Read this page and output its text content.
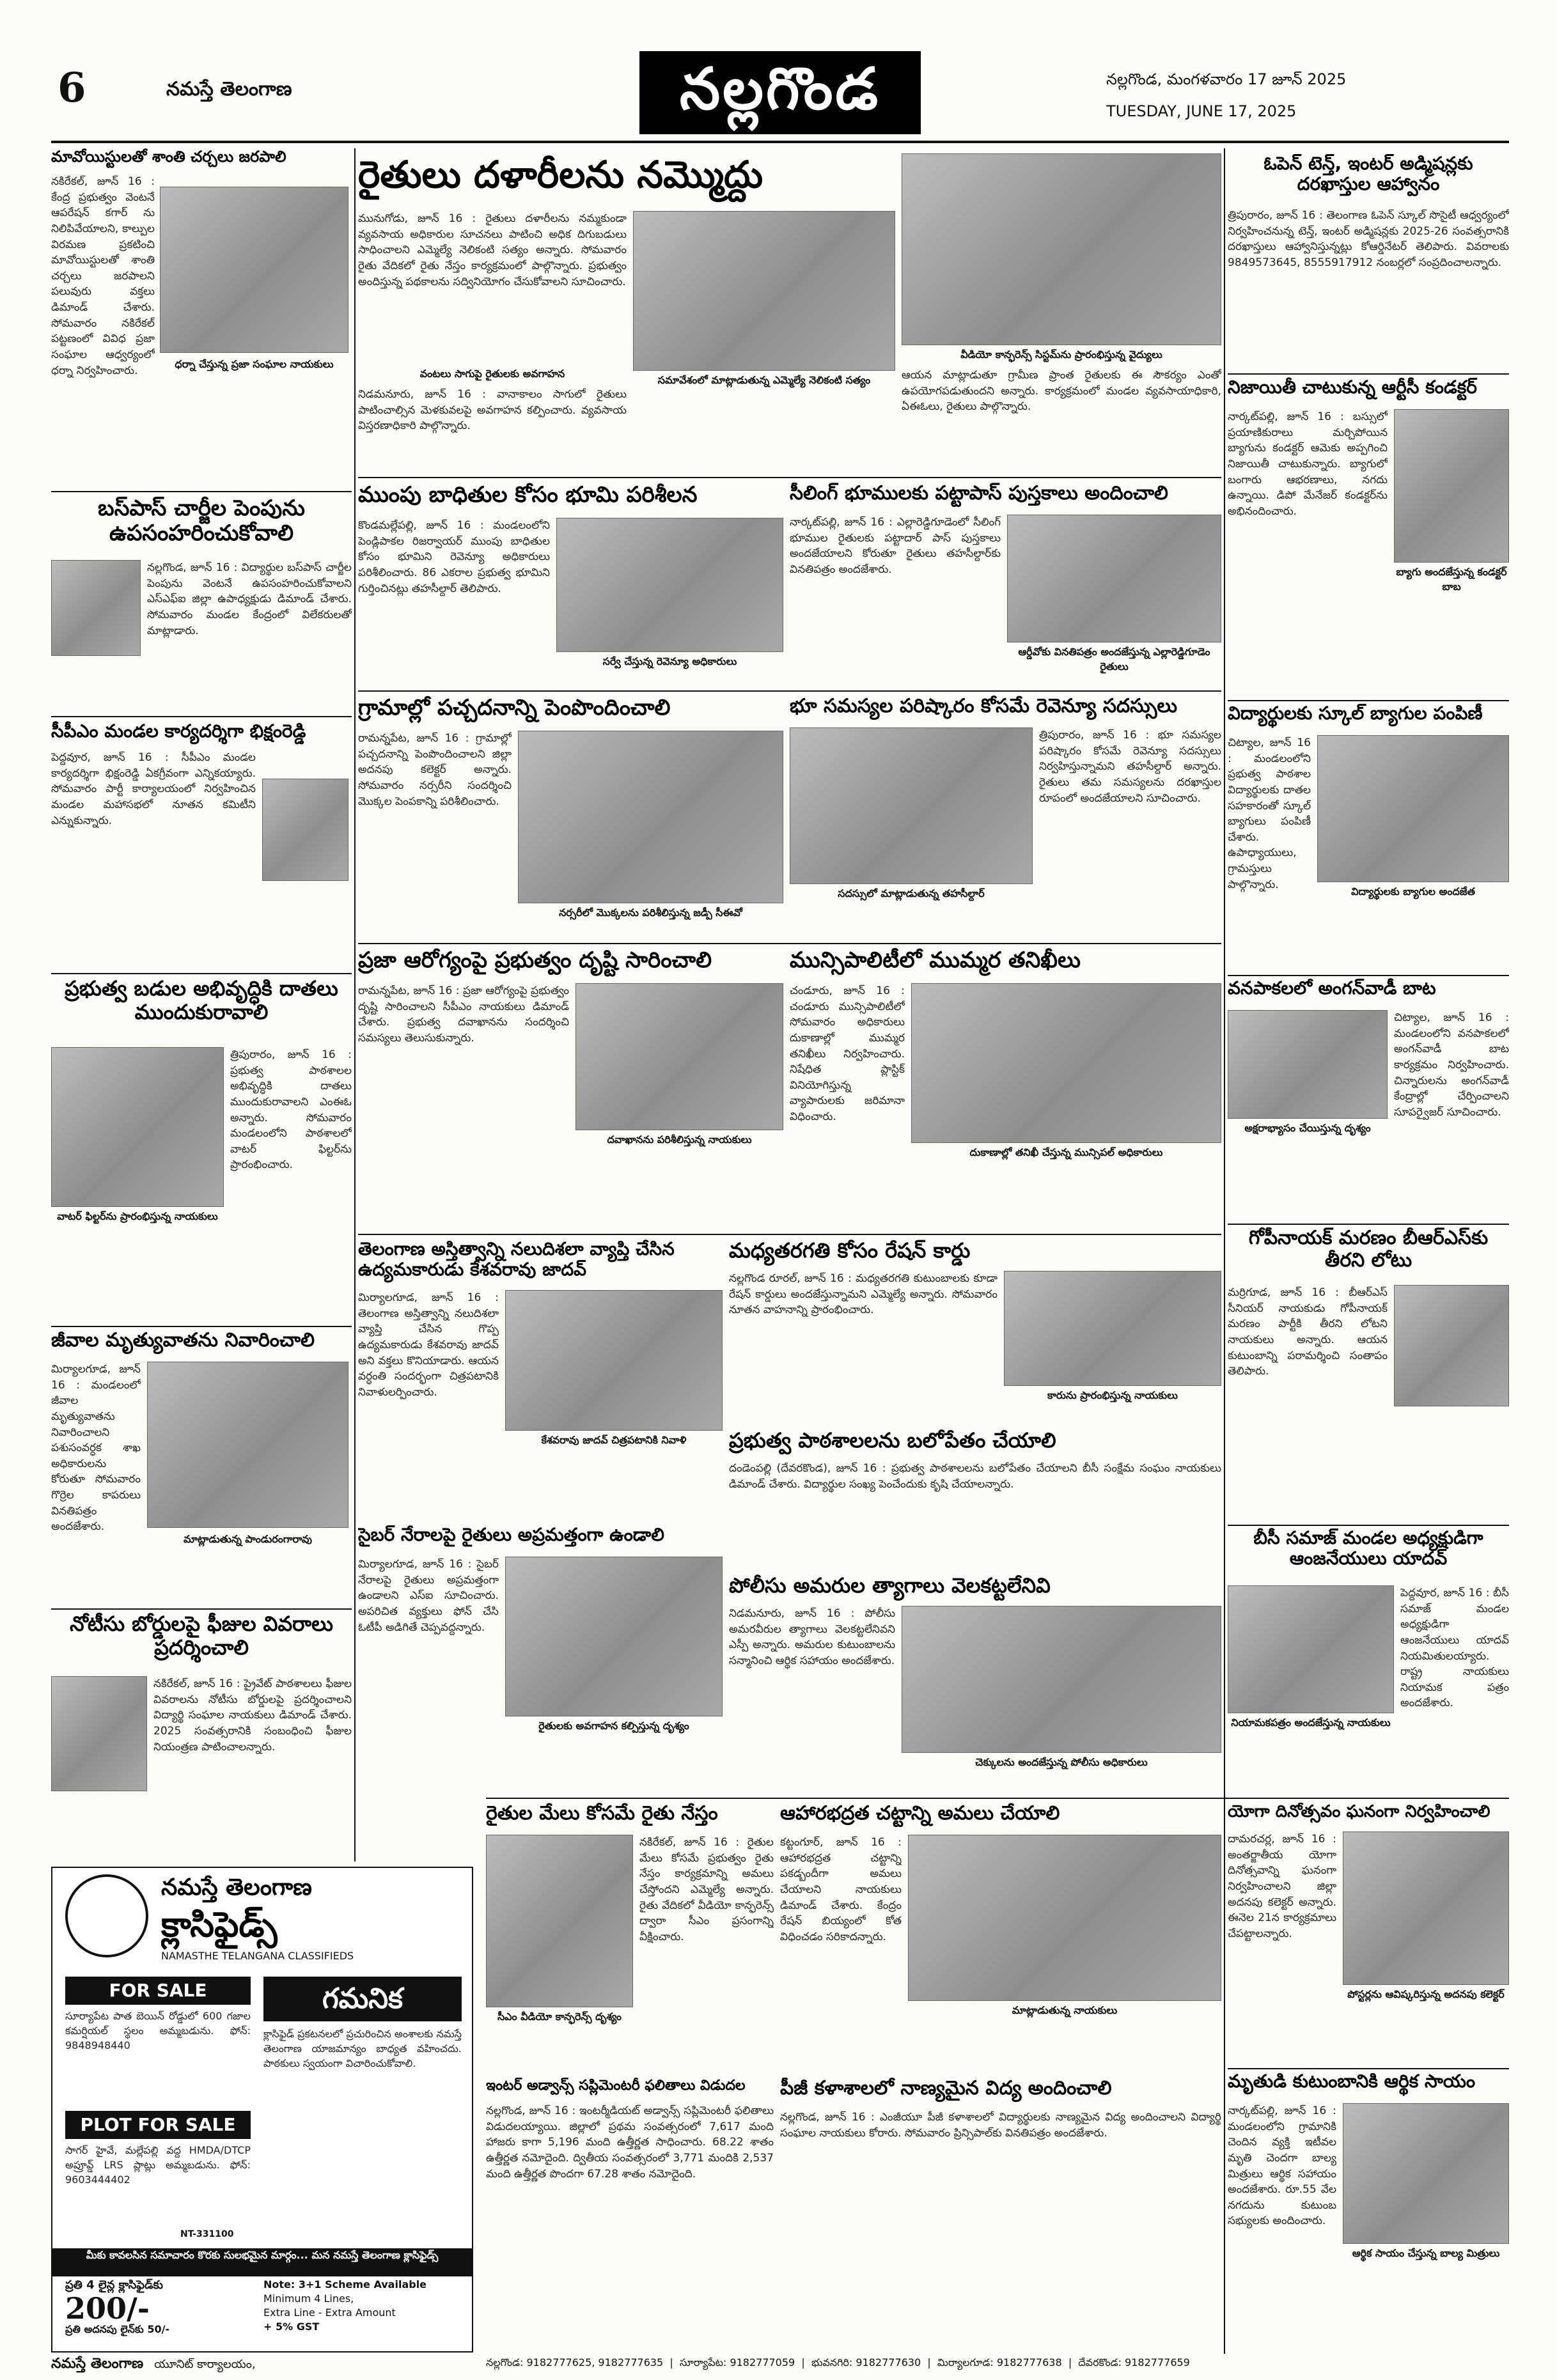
6	నమస్తే తెలంగాణ	నల్లగొండ	నల్లగొండ, మంగళవారం 17 జూన్ 2025
TUESDAY, JUNE 17, 2025
మావోయిస్టులతో శాంతి చర్చలు జరపాలి
ధర్నా చేస్తున్న ప్రజా సంఘాల నాయకులు
నకిరేకల్, జూన్ 16 : కేంద్ర ప్రభుత్వం వెంటనే ఆపరేషన్ కగార్ ను నిలిపివేయాలని, కాల్పుల విరమణ ప్రకటించి మావోయిస్టులతో శాంతి చర్చలు జరపాలని పలువురు వక్తలు డిమాండ్ చేశారు. సోమవారం నకిరేకల్ పట్టణంలో వివిధ ప్రజా సంఘాల ఆధ్వర్యంలో ధర్నా నిర్వహించారు.
బస్‌పాస్ చార్జీల పెంపును ఉపసంహరించుకోవాలి
నల్లగొండ, జూన్ 16 : విద్యార్థుల బస్‌పాస్ చార్జీల పెంపును వెంటనే ఉపసంహరించుకోవాలని ఎస్ఎఫ్ఐ జిల్లా ఉపాధ్యక్షుడు డిమాండ్ చేశారు. సోమవారం మండల కేంద్రంలో విలేకరులతో మాట్లాడారు.
సీపీఎం మండల కార్యదర్శిగా భిక్షంరెడ్డి
పెద్దవూర, జూన్ 16 : సీపీఎం మండల కార్యదర్శిగా భిక్షంరెడ్డి ఏకగ్రీవంగా ఎన్నికయ్యారు. సోమవారం పార్టీ కార్యాలయంలో నిర్వహించిన మండల మహాసభలో నూతన కమిటీని ఎన్నుకున్నారు.
ప్రభుత్వ బడుల అభివృద్ధికి దాతలు ముందుకురావాలి
వాటర్ ఫిల్టర్‌ను ప్రారంభిస్తున్న నాయకులు
త్రిపురారం, జూన్ 16 : ప్రభుత్వ పాఠశాలల అభివృద్ధికి దాతలు ముందుకురావాలని ఎంఈఓ అన్నారు. సోమవారం మండలంలోని పాఠశాలలో వాటర్ ఫిల్టర్‌ను ప్రారంభించారు.
జీవాల మృత్యువాతను నివారించాలి
మిర్యాలగూడ, జూన్ 16 : మండలంలో జీవాల మృత్యువాతను నివారించాలని పశుసంవర్ధక శాఖ అధికారులను కోరుతూ సోమవారం గొర్రెల కాపరులు వినతిపత్రం అందజేశారు.
మాట్లాడుతున్న పాండురంగారావు
నోటీసు బోర్డులపై ఫీజుల వివరాలు ప్రదర్శించాలి
నకిరేకల్, జూన్ 16 : ప్రైవేట్ పాఠశాలలు ఫీజుల వివరాలను నోటీసు బోర్డులపై ప్రదర్శించాలని విద్యార్థి సంఘాల నాయకులు డిమాండ్ చేశారు. 2025 సంవత్సరానికి సంబంధించి ఫీజుల నియంత్రణ పాటించాలన్నారు.
నమస్తే తెలంగాణ
క్లాసిఫైడ్స్
NAMASTHE TELANGANA CLASSIFIEDS
FOR SALE
సూర్యాపేట పాత బెయిన్ రోడ్డులో 600 గజాల కమర్షియల్ స్థలం అమ్మబడును. ఫోన్: 9848948440
PLOT FOR SALE
సాగర్ హైవే, మల్లేపల్లి వద్ద HMDA/DTCP అప్రూవ్డ్ LRS ప్లాట్లు అమ్మబడును. ఫోన్: 9603444402
NT-331100
గమనిక
క్లాసిఫైడ్ ప్రకటనలలో ప్రచురించిన అంశాలకు నమస్తే తెలంగాణ యాజమాన్యం బాధ్యత వహించదు. పాఠకులు స్వయంగా విచారించుకోవాలి.
మీకు కావలసిన సమాచారం కొరకు సులభమైన మార్గం... మన నమస్తే తెలంగాణ క్లాసిఫైడ్స్
ప్రతి 4 లైన్ల క్లాసిఫైడ్‌కు
200/-
ప్రతి అదనపు లైన్‌కు 50/-
Note: 3+1 Scheme Available
Minimum 4 Lines,
Extra Line - Extra Amount
+ 5% GST
నమస్తే తెలంగాణ యూనిట్ కార్యాలయం,	నల్లగొండ: 9182777625, 9182777635  |  సూర్యాపేట: 9182777059  |  భువనగిరి: 9182777630  |  మిర్యాలగూడ: 9182777638  |  దేవరకొండ: 9182777659
రైతులు దళారీలను నమ్మొద్దు
మునుగోడు, జూన్ 16 : రైతులు దళారీలను నమ్మకుండా వ్యవసాయ అధికారుల సూచనలు పాటించి అధిక దిగుబడులు సాధించాలని ఎమ్మెల్యే నెలికంటి సత్యం అన్నారు. సోమవారం రైతు వేదికలో రైతు నేస్తం కార్యక్రమంలో పాల్గొన్నారు. ప్రభుత్వం అందిస్తున్న పథకాలను సద్వినియోగం చేసుకోవాలని సూచించారు.
వంటలు సాగుపై రైతులకు అవగాహన
నిడమనూరు, జూన్ 16 : వానాకాలం సాగులో రైతులు పాటించాల్సిన మెళకువలపై అవగాహన కల్పించారు. వ్యవసాయ విస్తరణాధికారి పాల్గొన్నారు.
సమావేశంలో మాట్లాడుతున్న ఎమ్మెల్యే నెలికంటి సత్యం
వీడియో కాన్ఫరెన్స్ సిస్టమ్‌ను ప్రారంభిస్తున్న వైద్యులు
ఆయన మాట్లాడుతూ గ్రామీణ ప్రాంత రైతులకు ఈ సౌకర్యం ఎంతో ఉపయోగపడుతుందని అన్నారు. కార్యక్రమంలో మండల వ్యవసాయాధికారి, ఏఈఓలు, రైతులు పాల్గొన్నారు.
ముంపు బాధితుల కోసం భూమి పరిశీలన
కొండమల్లేపల్లి, జూన్ 16 : మండలంలోని పెండ్లిపాకల రిజర్వాయర్ ముంపు బాధితుల కోసం భూమిని రెవెన్యూ అధికారులు పరిశీలించారు. 86 ఎకరాల ప్రభుత్వ భూమిని గుర్తించినట్లు తహసీల్దార్ తెలిపారు.
సర్వే చేస్తున్న రెవెన్యూ అధికారులు
సీలింగ్ భూములకు పట్టాపాస్ పుస్తకాలు అందించాలి
నార్కట్‌పల్లి, జూన్ 16 : ఎల్లారెడ్డిగూడెంలో సీలింగ్ భూముల రైతులకు పట్టాదార్ పాస్ పుస్తకాలు అందజేయాలని కోరుతూ రైతులు తహసీల్దార్‌కు వినతిపత్రం అందజేశారు.
ఆర్డీవోకు వినతిపత్రం అందజేస్తున్న ఎల్లారెడ్డిగూడెం రైతులు
గ్రామాల్లో పచ్చదనాన్ని పెంపొందించాలి
రామన్నపేట, జూన్ 16 : గ్రామాల్లో పచ్చదనాన్ని పెంపొందించాలని జిల్లా అదనపు కలెక్టర్ అన్నారు. సోమవారం నర్సరీని సందర్శించి మొక్కల పెంపకాన్ని పరిశీలించారు.
నర్సరీలో మొక్కలను పరిశీలిస్తున్న జడ్పీ సీఈవో
భూ సమస్యల పరిష్కారం కోసమే రెవెన్యూ సదస్సులు
సదస్సులో మాట్లాడుతున్న తహసీల్దార్
త్రిపురారం, జూన్ 16 : భూ సమస్యల పరిష్కారం కోసమే రెవెన్యూ సదస్సులు నిర్వహిస్తున్నామని తహసీల్దార్ అన్నారు. రైతులు తమ సమస్యలను దరఖాస్తుల రూపంలో అందజేయాలని సూచించారు.
ప్రజా ఆరోగ్యంపై ప్రభుత్వం దృష్టి సారించాలి
రామన్నపేట, జూన్ 16 : ప్రజా ఆరోగ్యంపై ప్రభుత్వం దృష్టి సారించాలని సీపీఎం నాయకులు డిమాండ్ చేశారు. ప్రభుత్వ దవాఖానను సందర్శించి సమస్యలు తెలుసుకున్నారు.
దవాఖానను పరిశీలిస్తున్న నాయకులు
మున్సిపాలిటీలో ముమ్మర తనిఖీలు
చండూరు, జూన్ 16 : చండూరు మున్సిపాలిటీలో సోమవారం అధికారులు దుకాణాల్లో ముమ్మర తనిఖీలు నిర్వహించారు. నిషేధిత ప్లాస్టిక్ వినియోగిస్తున్న వ్యాపారులకు జరిమానా విధించారు.
దుకాణాల్లో తనిఖీ చేస్తున్న మున్సిపల్ అధికారులు
తెలంగాణ అస్తిత్వాన్ని నలుదిశలా వ్యాప్తి చేసిన ఉద్యమకారుడు కేశవరావు జాదవ్
మిర్యాలగూడ, జూన్ 16 : తెలంగాణ అస్తిత్వాన్ని నలుదిశలా వ్యాప్తి చేసిన గొప్ప ఉద్యమకారుడు కేశవరావు జాదవ్ అని వక్తలు కొనియాడారు. ఆయన వర్ధంతి సందర్భంగా చిత్రపటానికి నివాళులర్పించారు.
కేశవరావు జాదవ్ చిత్రపటానికి నివాళి
మధ్యతరగతి కోసం రేషన్ కార్డు
నల్లగొండ రూరల్, జూన్ 16 : మధ్యతరగతి కుటుంబాలకు కూడా రేషన్ కార్డులు అందజేస్తున్నామని ఎమ్మెల్యే అన్నారు. సోమవారం నూతన వాహనాన్ని ప్రారంభించారు.
కారును ప్రారంభిస్తున్న నాయకులు
ప్రభుత్వ పాఠశాలలను బలోపేతం చేయాలి
దండెంపల్లి (దేవరకొండ), జూన్ 16 : ప్రభుత్వ పాఠశాలలను బలోపేతం చేయాలని బీసీ సంక్షేమ సంఘం నాయకులు డిమాండ్ చేశారు. విద్యార్థుల సంఖ్య పెంచేందుకు కృషి చేయాలన్నారు.
సైబర్ నేరాలపై రైతులు అప్రమత్తంగా ఉండాలి
మిర్యాలగూడ, జూన్ 16 : సైబర్ నేరాలపై రైతులు అప్రమత్తంగా ఉండాలని ఎస్ఐ సూచించారు. అపరిచిత వ్యక్తులు ఫోన్ చేసి ఓటీపీ అడిగితే చెప్పవద్దన్నారు.
రైతులకు అవగాహన కల్పిస్తున్న దృశ్యం
పోలీసు అమరుల త్యాగాలు వెలకట్టలేనివి
నిడమనూరు, జూన్ 16 : పోలీసు అమరవీరుల త్యాగాలు వెలకట్టలేనివని ఎస్పీ అన్నారు. అమరుల కుటుంబాలను సన్మానించి ఆర్థిక సహాయం అందజేశారు.
చెక్కులను అందజేస్తున్న పోలీసు అధికారులు
రైతుల మేలు కోసమే రైతు నేస్తం
సీఎం వీడియో కాన్ఫరెన్స్ దృశ్యం
నకిరేకల్, జూన్ 16 : రైతుల మేలు కోసమే ప్రభుత్వం రైతు నేస్తం కార్యక్రమాన్ని అమలు చేస్తోందని ఎమ్మెల్యే అన్నారు. రైతు వేదికలో వీడియో కాన్ఫరెన్స్ ద్వారా సీఎం ప్రసంగాన్ని వీక్షించారు.
ఆహారభద్రత చట్టాన్ని అమలు చేయాలి
కట్టంగూర్, జూన్ 16 : ఆహారభద్రత చట్టాన్ని పకడ్బందీగా అమలు చేయాలని నాయకులు డిమాండ్ చేశారు. కేంద్రం రేషన్ బియ్యంలో కోత విధించడం సరికాదన్నారు.
మాట్లాడుతున్న నాయకులు
ఇంటర్ అడ్వాన్స్ సప్లిమెంటరీ ఫలితాలు విడుదల
నల్లగొండ, జూన్ 16 : ఇంటర్మీడియట్ అడ్వాన్స్ సప్లిమెంటరీ ఫలితాలు విడుదలయ్యాయి. జిల్లాలో ప్రథమ సంవత్సరంలో 7,617 మంది హాజరు కాగా 5,196 మంది ఉత్తీర్ణత సాధించారు. 68.22 శాతం ఉత్తీర్ణత నమోదైంది. ద్వితీయ సంవత్సరంలో 3,771 మందికి 2,537 మంది ఉత్తీర్ణత పొందగా 67.28 శాతం నమోదైంది.
పీజీ కళాశాలలో నాణ్యమైన విద్య అందించాలి
నల్లగొండ, జూన్ 16 : ఎంజీయూ పీజీ కళాశాలలో విద్యార్థులకు నాణ్యమైన విద్య అందించాలని విద్యార్థి సంఘాల నాయకులు కోరారు. సోమవారం ప్రిన్సిపాల్‌కు వినతిపత్రం అందజేశారు.
ఓపెన్ టెన్త్, ఇంటర్ అడ్మిషన్లకు దరఖాస్తుల ఆహ్వానం
త్రిపురారం, జూన్ 16 : తెలంగాణ ఓపెన్ స్కూల్ సొసైటీ ఆధ్వర్యంలో నిర్వహించనున్న టెన్త్, ఇంటర్ అడ్మిషన్లకు 2025-26 సంవత్సరానికి దరఖాస్తులు ఆహ్వానిస్తున్నట్లు కోఆర్డినేటర్ తెలిపారు. వివరాలకు 9849573645, 8555917912 నంబర్లలో సంప్రదించాలన్నారు.
నిజాయితీ చాటుకున్న ఆర్టీసీ కండక్టర్
నార్కట్‌పల్లి, జూన్ 16 : బస్సులో ప్రయాణికురాలు మర్చిపోయిన బ్యాగును కండక్టర్ ఆమెకు అప్పగించి నిజాయితీ చాటుకున్నారు. బ్యాగులో బంగారు ఆభరణాలు, నగదు ఉన్నాయి. డిపో మేనేజర్ కండక్టర్‌ను అభినందించారు.
బ్యాగు అందజేస్తున్న కండక్టర్ బాబ
విద్యార్థులకు స్కూల్ బ్యాగుల పంపిణీ
చిట్యాల, జూన్ 16 : మండలంలోని ప్రభుత్వ పాఠశాల విద్యార్థులకు దాతల సహకారంతో స్కూల్ బ్యాగులు పంపిణీ చేశారు. ఉపాధ్యాయులు, గ్రామస్తులు పాల్గొన్నారు.
విద్యార్థులకు బ్యాగుల అందజేత
వనపాకలలో అంగన్‌వాడీ బాట
అక్షరాభ్యాసం చేయిస్తున్న దృశ్యం
చిట్యాల, జూన్ 16 : మండలంలోని వనపాకలలో అంగన్‌వాడీ బాట కార్యక్రమం నిర్వహించారు. చిన్నారులను అంగన్‌వాడీ కేంద్రాల్లో చేర్పించాలని సూపర్వైజర్ సూచించారు.
గోపీనాయక్ మరణం బీఆర్ఎస్‌కు తీరని లోటు
మర్రిగూడ, జూన్ 16 : బీఆర్ఎస్ సీనియర్ నాయకుడు గోపీనాయక్ మరణం పార్టీకి తీరని లోటని నాయకులు అన్నారు. ఆయన కుటుంబాన్ని పరామర్శించి సంతాపం తెలిపారు.
బీసీ సమాజ్ మండల అధ్యక్షుడిగా ఆంజనేయులు యాదవ్
నియామకపత్రం అందజేస్తున్న నాయకులు
పెద్దవూర, జూన్ 16 : బీసీ సమాజ్ మండల అధ్యక్షుడిగా ఆంజనేయులు యాదవ్ నియమితులయ్యారు. రాష్ట్ర నాయకులు నియామక పత్రం అందజేశారు.
యోగా దినోత్సవం ఘనంగా నిర్వహించాలి
దామరచర్ల, జూన్ 16 : అంతర్జాతీయ యోగా దినోత్సవాన్ని ఘనంగా నిర్వహించాలని జిల్లా అదనపు కలెక్టర్ అన్నారు. ఈనెల 21న కార్యక్రమాలు చేపట్టాలన్నారు.
పోస్టర్లను ఆవిష్కరిస్తున్న అదనపు కలెక్టర్
మృతుడి కుటుంబానికి ఆర్థిక సాయం
నార్కట్‌పల్లి, జూన్ 16 : మండలంలోని గ్రామానికి చెందిన వ్యక్తి ఇటీవల మృతి చెందగా బాల్య మిత్రులు ఆర్థిక సహాయం అందజేశారు. రూ.55 వేల నగదును కుటుంబ సభ్యులకు అందించారు.
ఆర్థిక సాయం చేస్తున్న బాల్య మిత్రులు
